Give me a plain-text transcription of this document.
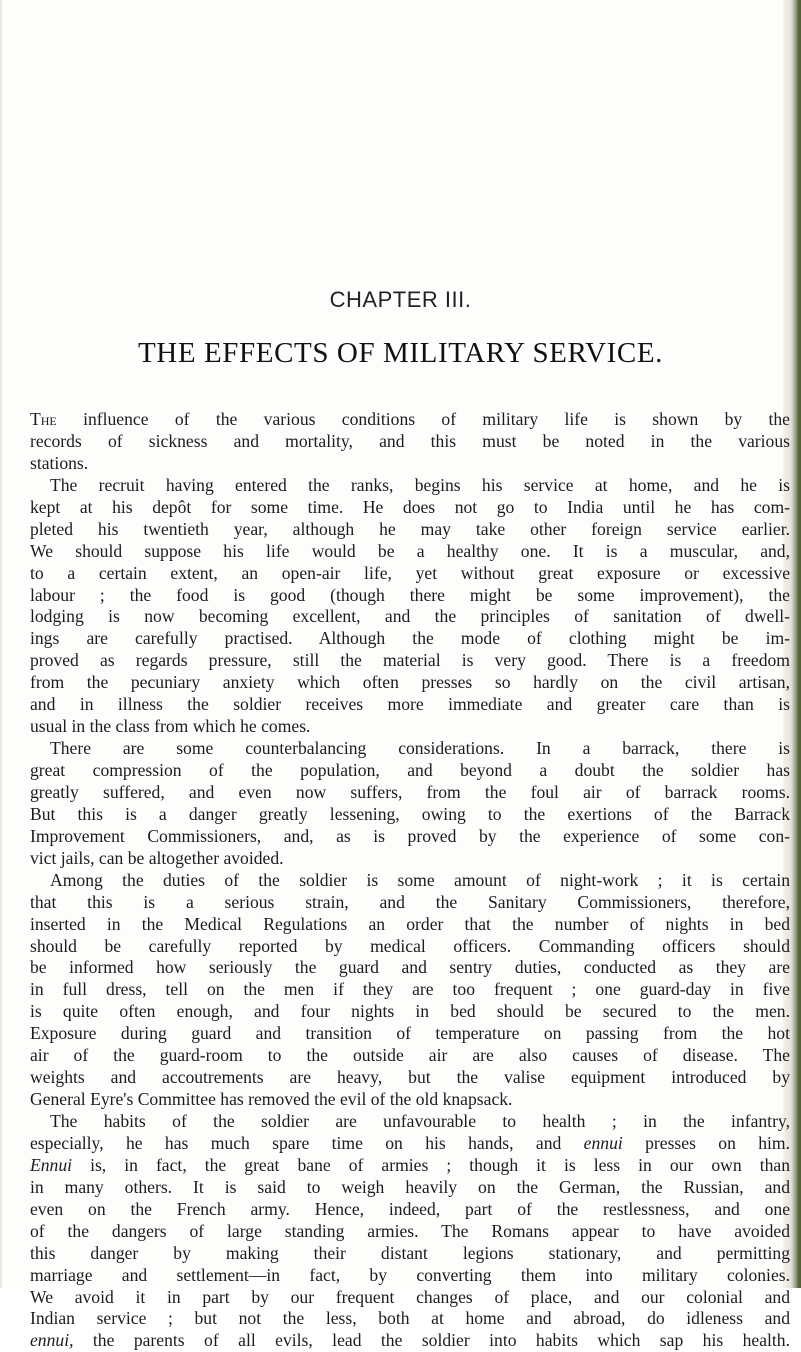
CHAPTER III.
THE EFFECTS OF MILITARY SERVICE.
The influence of the various conditions of military life is shown by the
records of sickness and mortality, and this must be noted in the various
stations.
The recruit having entered the ranks, begins his service at home, and he is
kept at his depôt for some time. He does not go to India until he has com-
pleted his twentieth year, although he may take other foreign service earlier.
We should suppose his life would be a healthy one. It is a muscular, and,
to a certain extent, an open-air life, yet without great exposure or excessive
labour ; the food is good (though there might be some improvement), the
lodging is now becoming excellent, and the principles of sanitation of dwell-
ings are carefully practised. Although the mode of clothing might be im-
proved as regards pressure, still the material is very good. There is a freedom
from the pecuniary anxiety which often presses so hardly on the civil artisan,
and in illness the soldier receives more immediate and greater care than is
usual in the class from which he comes.
There are some counterbalancing considerations. In a barrack, there is
great compression of the population, and beyond a doubt the soldier has
greatly suffered, and even now suffers, from the foul air of barrack rooms.
But this is a danger greatly lessening, owing to the exertions of the Barrack
Improvement Commissioners, and, as is proved by the experience of some con-
vict jails, can be altogether avoided.
Among the duties of the soldier is some amount of night-work ; it is certain
that this is a serious strain, and the Sanitary Commissioners, therefore,
inserted in the Medical Regulations an order that the number of nights in bed
should be carefully reported by medical officers. Commanding officers should
be informed how seriously the guard and sentry duties, conducted as they are
in full dress, tell on the men if they are too frequent ; one guard-day in five
is quite often enough, and four nights in bed should be secured to the men.
Exposure during guard and transition of temperature on passing from the hot
air of the guard-room to the outside air are also causes of disease. The
weights and accoutrements are heavy, but the valise equipment introduced by
General Eyre's Committee has removed the evil of the old knapsack.
The habits of the soldier are unfavourable to health ; in the infantry,
especially, he has much spare time on his hands, and ennui presses on him.
Ennui is, in fact, the great bane of armies ; though it is less in our own than
in many others. It is said to weigh heavily on the German, the Russian, and
even on the French army. Hence, indeed, part of the restlessness, and one
of the dangers of large standing armies. The Romans appear to have avoided
this danger by making their distant legions stationary, and permitting
marriage and settlement—in fact, by converting them into military colonies.
We avoid it in part by our frequent changes of place, and our colonial and
Indian service ; but not the less, both at home and abroad, do idleness and
ennui, the parents of all evils, lead the soldier into habits which sap his health.
